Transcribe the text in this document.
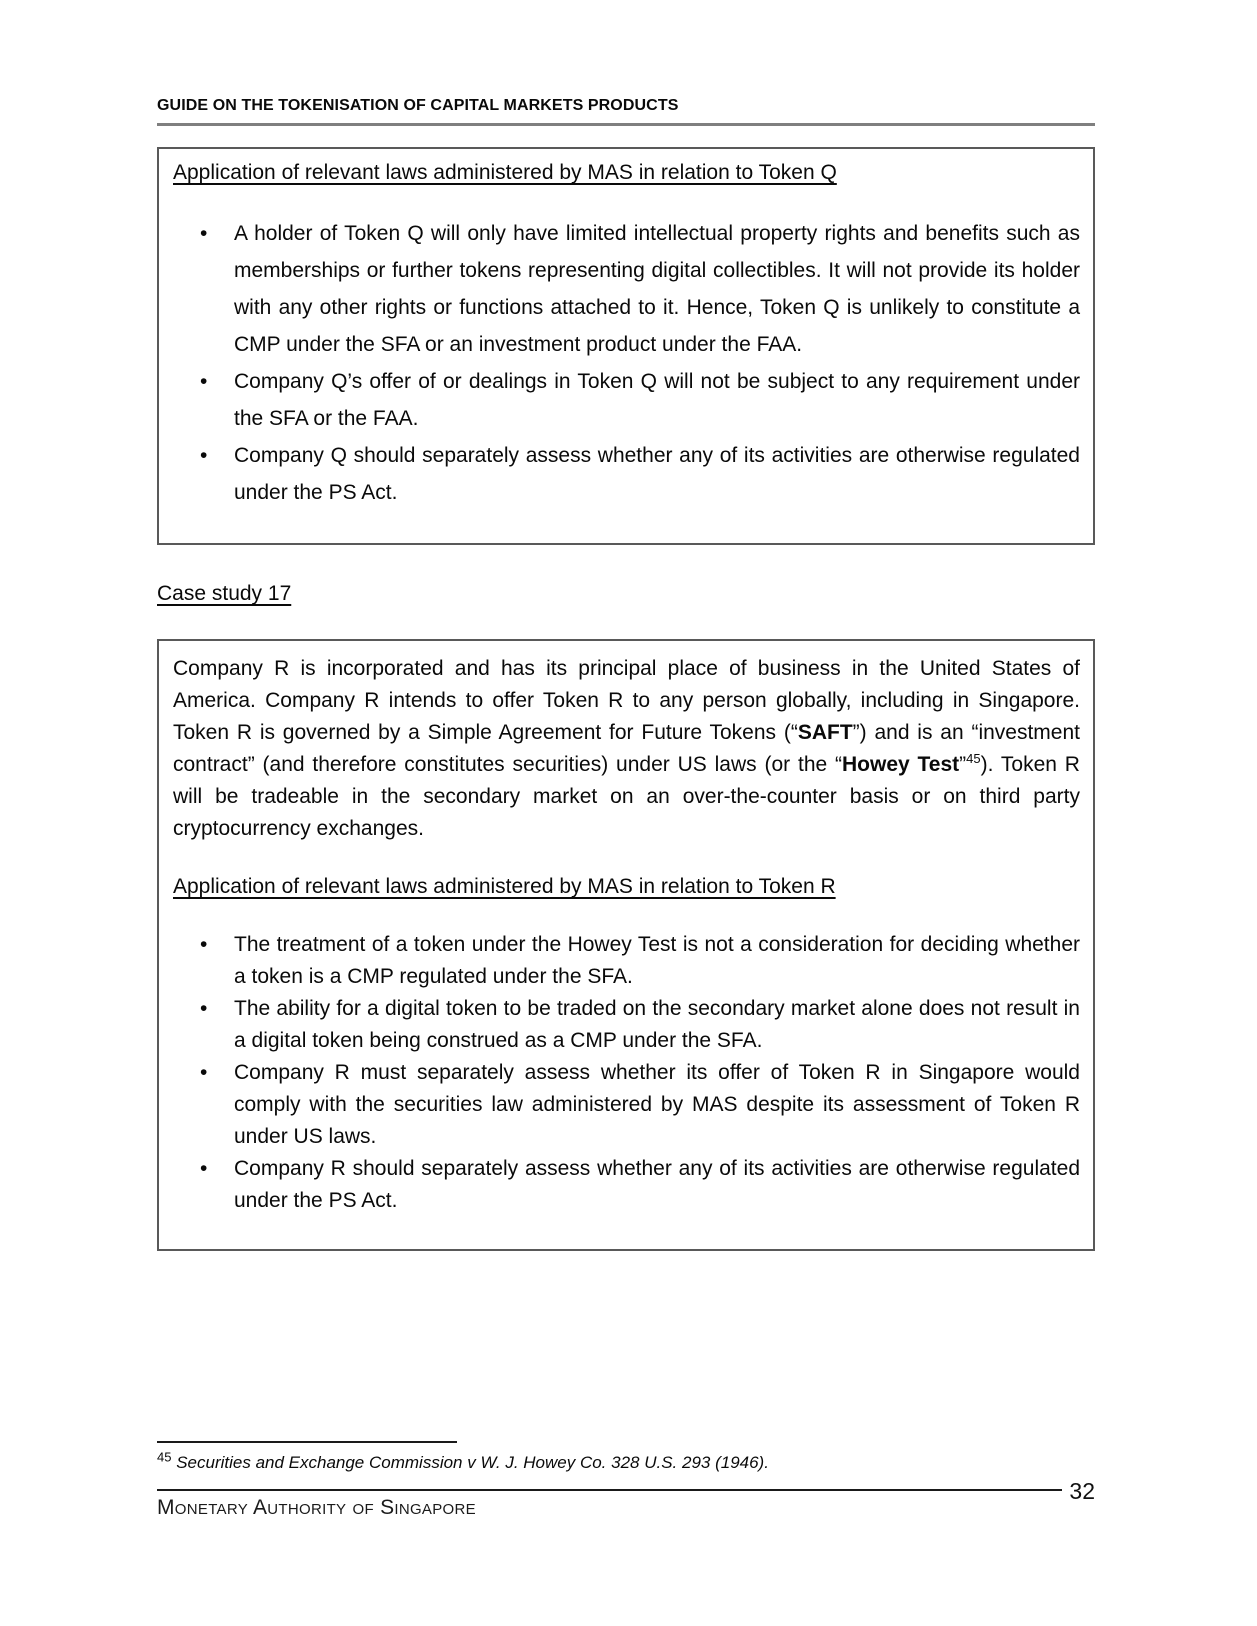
GUIDE ON THE TOKENISATION OF CAPITAL MARKETS PRODUCTS
Application of relevant laws administered by MAS in relation to Token Q
• A holder of Token Q will only have limited intellectual property rights and benefits such as memberships or further tokens representing digital collectibles. It will not provide its holder with any other rights or functions attached to it. Hence, Token Q is unlikely to constitute a CMP under the SFA or an investment product under the FAA.
• Company Q’s offer of or dealings in Token Q will not be subject to any requirement under the SFA or the FAA.
• Company Q should separately assess whether any of its activities are otherwise regulated under the PS Act.
Case study 17

Company R is incorporated and has its principal place of business in the United States of America. Company R intends to offer Token R to any person globally, including in Singapore. Token R is governed by a Simple Agreement for Future Tokens (“SAFT”) and is an “investment contract” (and therefore constitutes securities) under US laws (or the “Howey Test”$^{45}$). Token R will be tradeable in the secondary market on an over-the-counter basis or on third party cryptocurrency exchanges.

Application of relevant laws administered by MAS in relation to Token R
• The treatment of a token under the Howey Test is not a consideration for deciding whether a token is a CMP regulated under the SFA.
• The ability for a digital token to be traded on the secondary market alone does not result in a digital token being construed as a CMP under the SFA.
• Company R must separately assess whether its offer of Token R in Singapore would comply with the securities law administered by MAS despite its assessment of Token R under US laws.
• Company R should separately assess whether any of its activities are otherwise regulated under the PS Act.
$^{45}$ Securities and Exchange Commission v W. J. Howey Co. 328 U.S. 293 (1946).
Monetary Authority of Singapore
32
